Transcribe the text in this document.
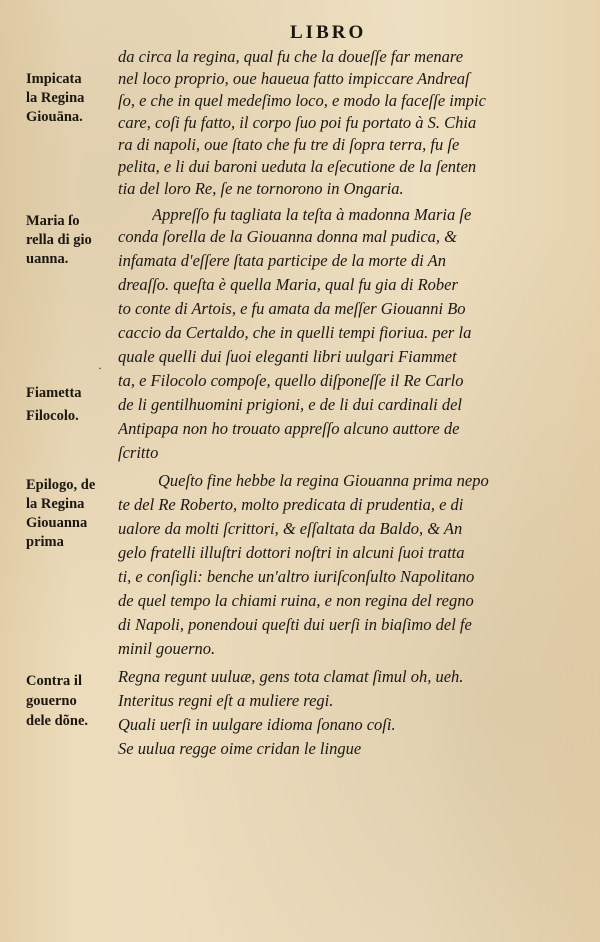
LIBRO
da circa la regina, qual fu che la doueſſe far menare
nel loco proprio, oue haueua fatto impiccare Andreaſ
ſo, e che in quel medeſimo loco, e modo la faceſſe impic
care, coſi fu fatto, il corpo ſuo poi fu portato à S. Chia
ra di napoli, oue ſtato che fu tre di ſopra terra, fu ſe
pelita, e li dui baroni ueduta la eſecutione de la ſenten
tia del loro Re, ſe ne tornorono in Ongaria.
Appreſſo fu tagliata la teſta à madonna Maria ſe
conda ſorella de la Giouanna donna mal pudica, &
infamata d'eſſere ſtata participe de la morte di An
dreaſſo. queſta è quella Maria, qual fu gia di Rober
to conte di Artois, e fu amata da meſſer Giouanni Bo
caccio da Certaldo, che in quelli tempi fioriua. per la
quale quelli dui ſuoi eleganti libri uulgari Fiammet
ta, e Filocolo compoſe, quello diſponeſſe il Re Carlo
de li gentilhuomini prigioni, e de li dui cardinali del
Antipapa non ho trouato appreſſo alcuno auttore de
ſcritto
Queſto fine hebbe la regina Giouanna prima nepo
te del Re Roberto, molto predicata di prudentia, e di
ualore da molti ſcrittori, & eſſaltata da Baldo, & An
gelo fratelli illuſtri dottori noſtri in alcuni ſuoi tratta
ti, e conſigli: benche un'altro iuriſconſulto Napolitano
de quel tempo la chiami ruina, e non regina del regno
di Napoli, ponendoui queſti dui uerſi in biaſimo del fe
minil gouerno.
Regna regunt uuluæ, gens tota clamat ſimul oh, ueh.
Interitus regni eſt a muliere regi.
Quali uerſi in uulgare idioma ſonano coſi.
Se uulua regge oime cridan le lingue
Impicata
la Regina
Giouāna.
Maria ſo
rella di gio
uanna.
·
Fiametta
Filocolo.
Epilogo, de
la Regina
Giouanna
prima
Contra il
gouerno
dele dõne.
